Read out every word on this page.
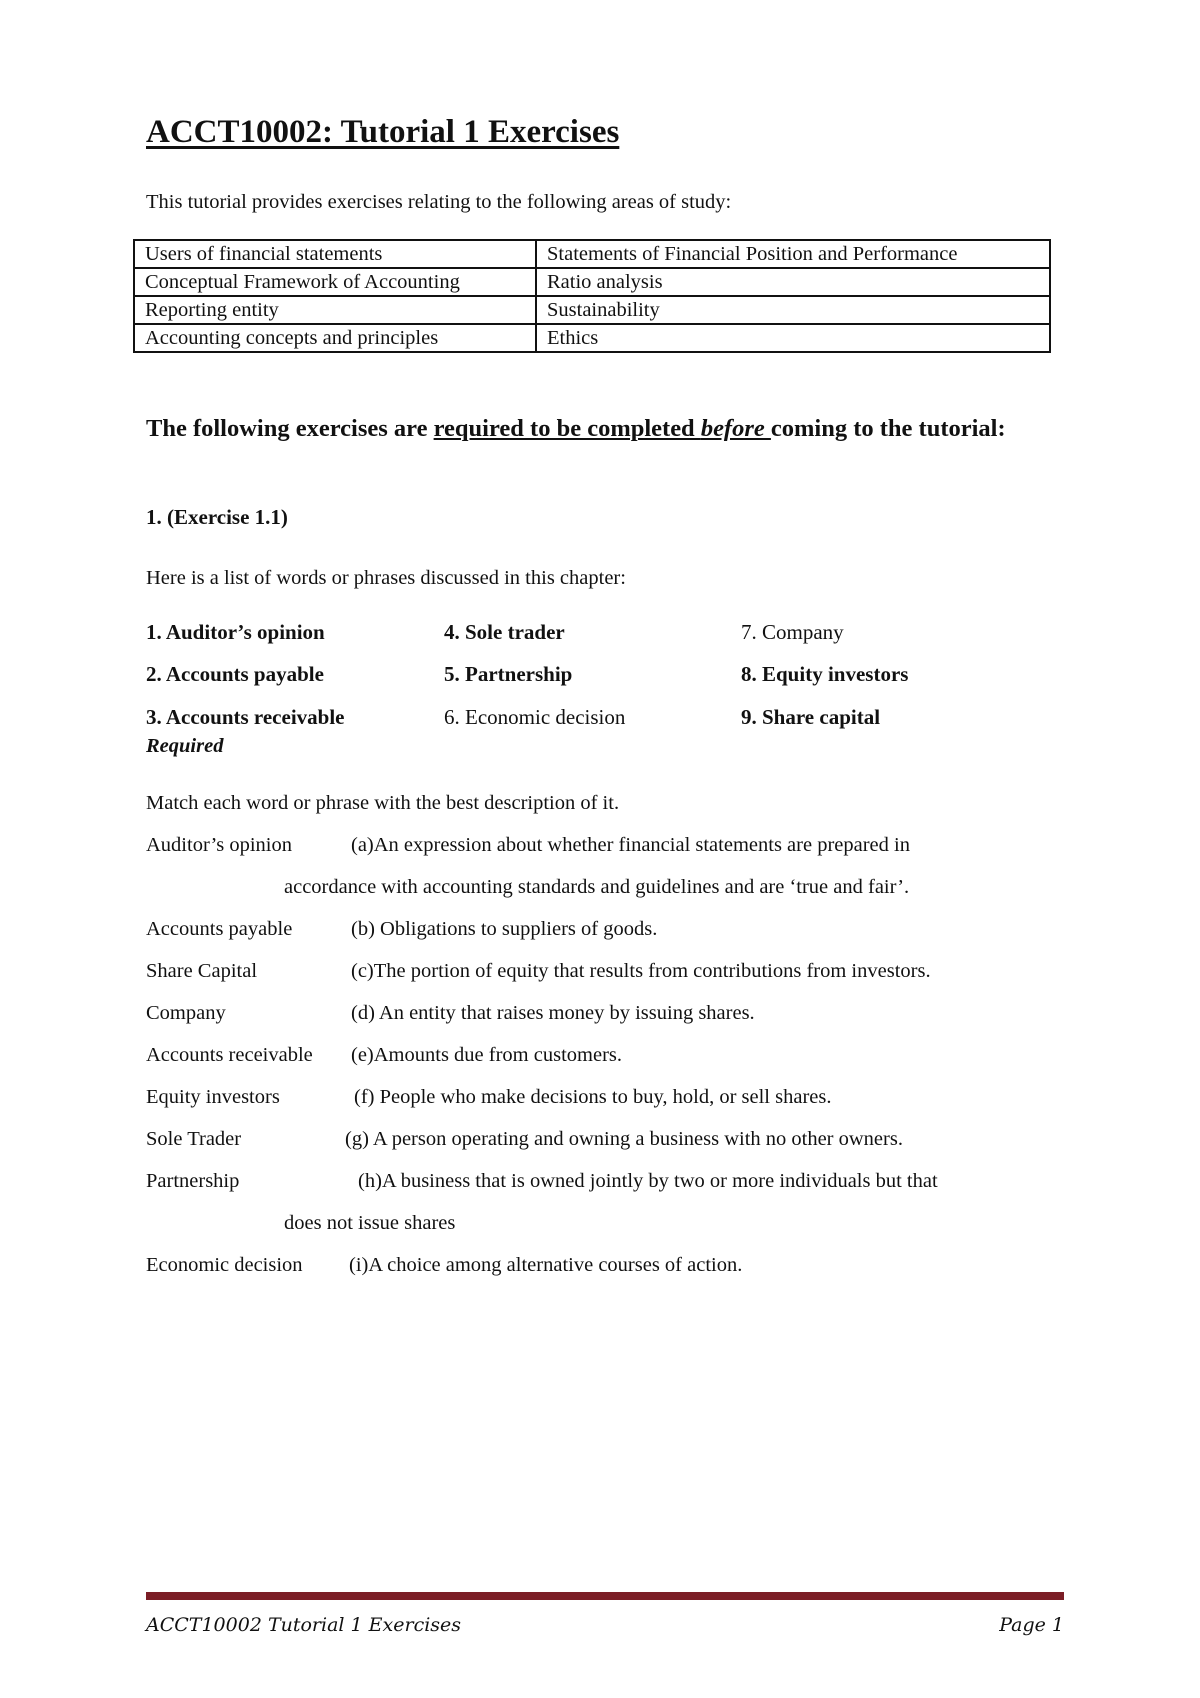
ACCT10002: Tutorial 1 Exercises
This tutorial provides exercises relating to the following areas of study:
Users of financial statements	Statements of Financial Position and Performance
Conceptual Framework of Accounting	Ratio analysis
Reporting entity	Sustainability
Accounting concepts and principles	Ethics
The following exercises are required to be completed before coming to the tutorial:
1. (Exercise 1.1)
Here is a list of words or phrases discussed in this chapter:
1. Auditor’s opinion	4. Sole trader	7. Company
2. Accounts payable	5. Partnership	8. Equity investors
3. Accounts receivable	6. Economic decision	9. Share capital
Required
Match each word or phrase with the best description of it.
Auditor’s opinion	(a)An expression about whether financial statements are prepared in
accordance with accounting standards and guidelines and are ‘true and fair’.
Accounts payable	(b) Obligations to suppliers of goods.
Share Capital	(c)The portion of equity that results from contributions from investors.
Company	(d) An entity that raises money by issuing shares.
Accounts receivable (e)Amounts due from customers.
Equity investors	(f) People who make decisions to buy, hold, or sell shares.
Sole Trader	(g) A person operating and owning a business with no other owners.
Partnership	(h)A business that is owned jointly by two or more individuals but that
does not issue shares
Economic decision (i)A choice among alternative courses of action.
ACCT10002 Tutorial 1 Exercises	Page 1
